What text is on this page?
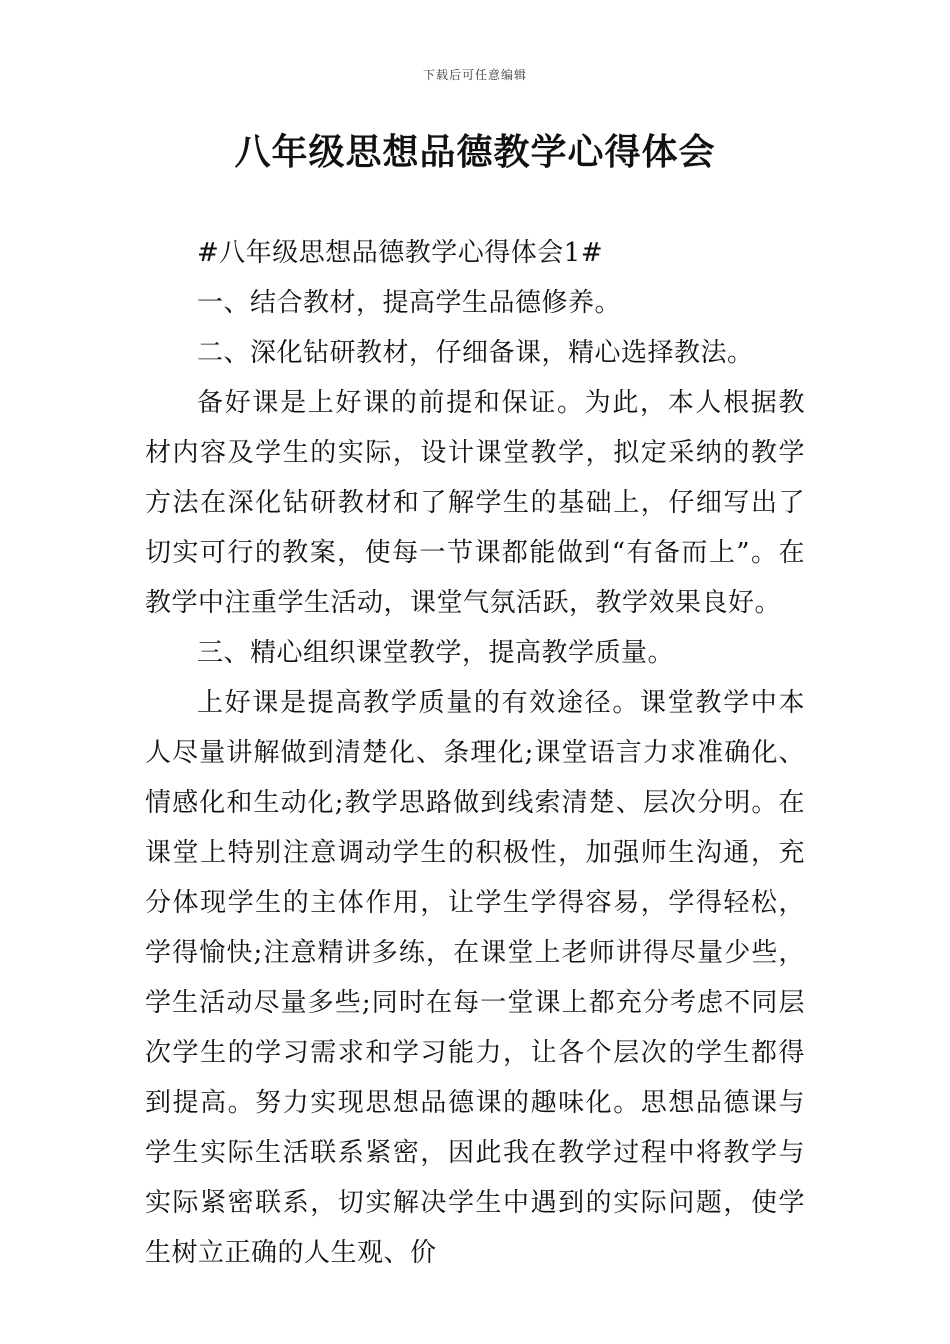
下载后可任意编辑
八年级思想品德教学心得体会

#八年级思想品德教学心得体会1#

一、结合教材，提高学生品德修养。

二、深化钻研教材，仔细备课，精心选择教法。

备好课是上好课的前提和保证。为此，本人根据教材内容及学生的实际，设计课堂教学，拟定采纳的教学方法在深化钻研教材和了解学生的基础上，仔细写出了切实可行的教案，使每一节课都能做到“有备而上”。在教学中注重学生活动，课堂气氛活跃，教学效果良好。

三、精心组织课堂教学，提高教学质量。

上好课是提高教学质量的有效途径。课堂教学中本人尽量讲解做到清楚化、条理化;课堂语言力求准确化、情感化和生动化;教学思路做到线索清楚、层次分明。在课堂上特别注意调动学生的积极性，加强师生沟通，充分体现学生的主体作用，让学生学得容易，学得轻松，学得愉快;注意精讲多练，在课堂上老师讲得尽量少些，学生活动尽量多些;同时在每一堂课上都充分考虑不同层次学生的学习需求和学习能力，让各个层次的学生都得到提高。努力实现思想品德课的趣味化。思想品德课与学生实际生活联系紧密，因此我在教学过程中将教学与实际紧密联系，切实解决学生中遇到的实际问题，使学生树立正确的人生观、价
